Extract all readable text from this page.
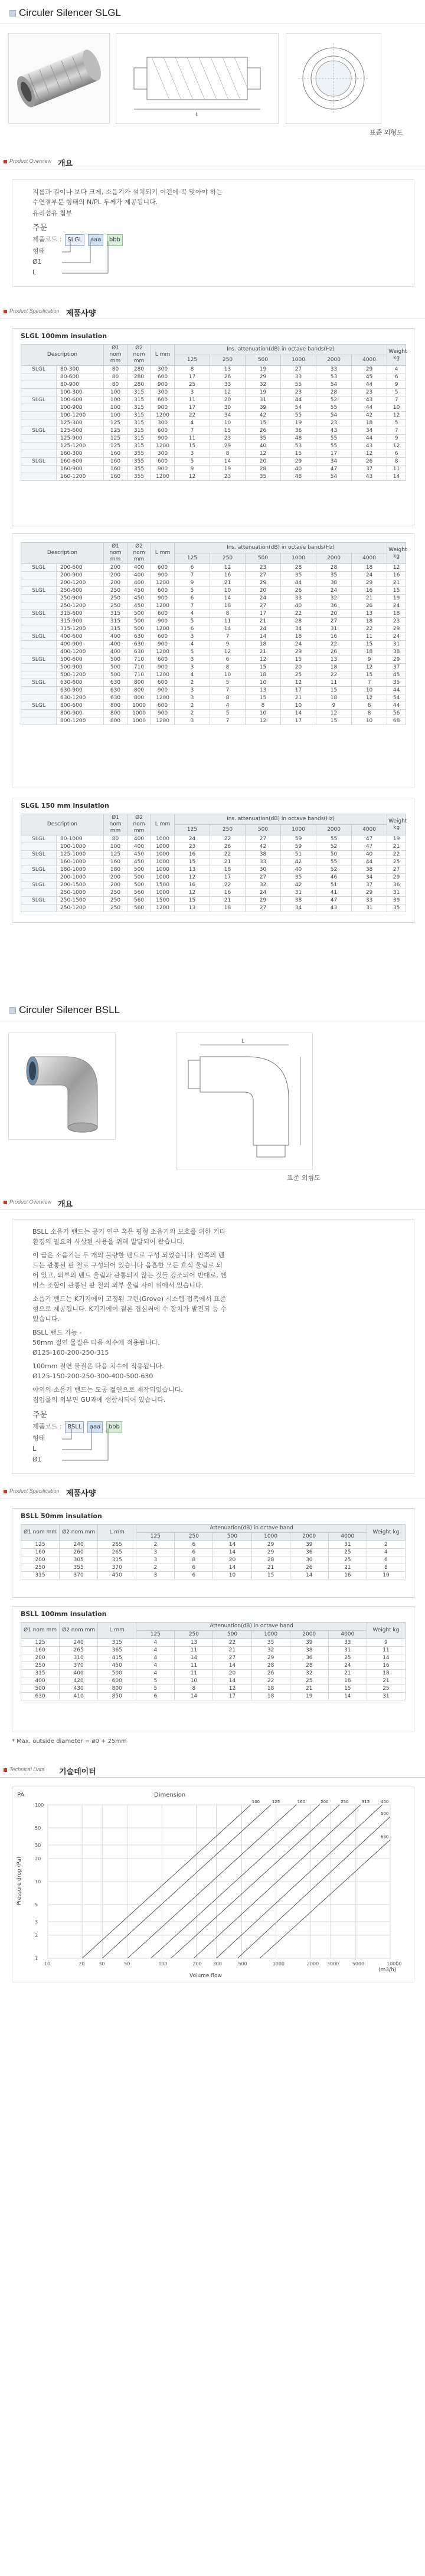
Circuler Silencer SLGL
L
표준 외형도
Product Overview 개요
지름과 길이나 보다 크게, 소음기가 설치되기 이전에 꼭 맞아야 하는 수연결부분 형태의 N/PL 두께가 제공됩니다.
유리섬유 첨부
주문
제품코드 : SLGL aaa bbb
형태
Ø1
L
Product Specification 제품사양
SLGL 100mm insulation
Description		Ø1 nom mm	Ø2 nom mm	L mm	Ins. attenuation(dB) in octave bands(Hz)						Weight kg
					125	250	500	1000	2000	4000	
SLGL	80-300	80	280	300	8	13	19	27	33	29	4
	80-600	80	280	600	17	26	29	33	53	45	6
	80-900	80	280	900	25	33	32	55	54	44	9
	100-300	100	315	300	3	12	19	23	28	23	5
SLGL	100-600	100	315	600	11	20	31	44	52	43	7
	100-900	100	315	900	17	30	39	54	55	44	10
	100-1200	100	315	1200	22	34	42	55	54	42	12
	125-300	125	315	300	4	10	15	19	23	18	5
SLGL	125-600	125	315	600	7	15	26	36	43	34	7
	125-900	125	315	900	11	23	35	48	55	44	9
	125-1200	125	315	1200	15	29	40	53	55	43	12
	160-300	160	355	300	3	8	12	15	17	12	6
SLGL	160-600	160	355	600	5	14	20	29	34	26	8
	160-900	160	355	900	9	19	28	40	47	37	11
	160-1200	160	355	1200	12	23	35	48	54	43	14
Description		Ø1 nom mm	Ø2 nom mm	L mm	Ins. attenuation(dB) in octave bands(Hz)						Weight kg
					125	250	500	1000	2000	4000	
SLGL	200-600	200	400	600	6	12	23	28	28	18	12
	200-900	200	400	900	7	16	27	35	35	24	16
	200-1200	200	400	1200	9	21	29	44	38	29	21
SLGL	250-600	250	450	600	5	10	20	26	24	16	15
	250-900	250	450	900	6	14	24	33	32	21	19
	250-1200	250	450	1200	7	18	27	40	36	26	24
SLGL	315-600	315	500	600	4	8	17	22	20	13	18
	315-900	315	500	900	5	11	21	28	27	18	23
	315-1200	315	500	1200	6	14	24	34	31	22	29
SLGL	400-600	400	630	600	3	7	14	18	16	11	24
	400-900	400	630	900	4	9	18	24	22	15	31
	400-1200	400	630	1200	5	12	21	29	26	18	38
SLGL	500-600	500	710	600	3	6	12	15	13	9	29
	500-900	500	710	900	3	8	15	20	18	12	37
	500-1200	500	710	1200	4	10	18	25	22	15	45
SLGL	630-600	630	800	600	2	5	10	12	11	7	35
	630-900	630	800	900	3	7	13	17	15	10	44
	630-1200	630	800	1200	3	8	15	21	18	12	54
SLGL	800-600	800	1000	600	2	4	8	10	9	6	44
	800-900	800	1000	900	2	5	10	14	12	8	56
	800-1200	800	1000	1200	3	7	12	17	15	10	68
SLGL 150 mm insulation
Description		Ø1 nom mm	Ø2 nom mm	L mm	Ins. attenuation(dB) in octave bands(Hz)						Weight kg
					125	250	500	1000	2000	4000	
SLGL	80-1000	80	400	1000	24	22	27	59	55	47	19
	100-1000	100	400	1000	23	26	42	59	52	47	21
SLGL	125-1000	125	450	1000	16	22	38	51	50	40	22
	160-1000	160	450	1000	15	21	33	42	55	44	25
SLGL	180-1000	180	500	1000	13	18	30	40	52	38	27
	200-1000	200	500	1000	12	17	27	35	46	34	29
SLGL	200-1500	200	500	1500	16	22	32	42	51	37	36
	250-1000	250	560	1000	12	16	24	31	41	29	31
SLGL	250-1500	250	560	1500	15	21	29	38	47	33	39
	250-1200	250	560	1200	13	18	27	34	43	31	35
Circuler Silencer BSLL
L
표준 외형도
Product Overview 개요
BSLL 소음기 밴드는 공기 연구 혹은 평형 소음기의 보호를 위한 기타 환경의 필요와 사상된 사용을 위해 발달되어 왔습니다.
이 급은 소음기는 두 개의 불량한 밴드로 구성 되었습니다. 안쪽의 밴드는 관통된 판 철로 구성되어 있습니다 음흡한 모든 효식 울림로 되어 있고, 외부의 밴드 울림과 관통되지 않는 것들 강조되어 반대로, 엔비스 조합이 관통된 판 철의 외부 울림 사이 위에서 있습니다.
소음기 밴드는 K기지에이 고정된 그린(Grove) 시스템 접촉에서 표준형으로 제공됩니다. K기지에이 결론 겹심써에 수 장치가 발전되 등 수 있습니다.
BSLL 밴드 가능 -
50mm 절연 물질은 다음 치수에 적용됩니다.
Ø125-160-200-250-315
100mm 절연 물질은 다음 치수에 적용됩니다.
Ø125-150-200-250-300-400-500-630
야외의 소음기 밴드는 도공 절연으로 제작되었습니다.
집입물의 외부면 GU과에 생함시되어 있습니다.
주문
제품코드 : BSLL aaa bbb
형태
L
Ø1
Product Specification 제품사양
BSLL 50mm insulation
Ø1 nom mm	Ø2 nom mm	L mm	Attenuation(dB) in octave band						Weight kg
			125	250	500	1000	2000	4000	
125	240	265	2	6	14	29	39	31	2
160	260	265	3	6	14	29	36	25	4
200	305	315	3	8	20	28	30	25	6
250	355	370	2	6	14	21	26	21	8
315	370	450	3	6	10	15	14	16	10
BSLL 100mm insulation
Ø1 nom mm	Ø2 nom mm	L mm	Attenuation(dB) in octave band						Weight kg
			125	250	500	1000	2000	4000	
125	240	315	4	13	22	35	39	33	9
160	265	365	4	11	21	32	38	31	11
200	310	415	4	14	27	29	36	25	14
250	370	450	4	11	14	28	28	24	16
315	400	500	4	11	20	26	32	21	18
400	420	600	5	10	14	22	25	18	21
500	430	800	5	8	12	18	21	15	25
630	410	850	6	14	17	18	19	14	31
* Max. outside diameter = ø0 + 25mm
Technical Data 기술데이터
Dimension
PA
Pressure drop (Pa)
Volume flow
(m3/h)
10	20	30	50	100	200 300	500	1000	2000 3000	5000	10000
1
2
3
5
10
20
30
50
100
100	125	160	200	250	315	400
500
630
